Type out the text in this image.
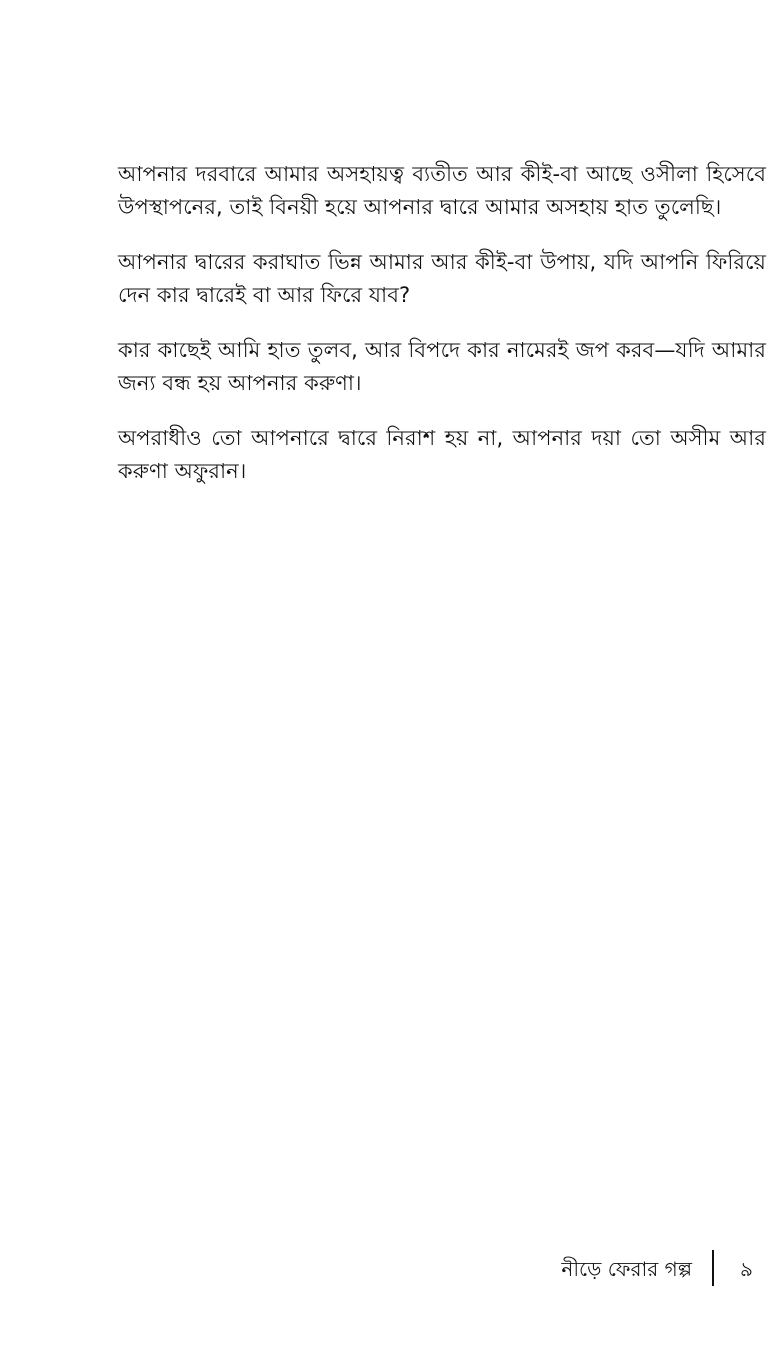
আপনার দরবারে আমার অসহায়ত্ব ব্যতীত আর কীই-বা আছে ওসীলা হিসেবে উপস্থাপনের, তাই বিনয়ী হয়ে আপনার দ্বারে আমার অসহায় হাত তুলেছি।

আপনার দ্বারের করাঘাত ভিন্ন আমার আর কীই-বা উপায়, যদি আপনি ফিরিয়ে দেন কার দ্বারেই বা আর ফিরে যাব?

কার কাছেই আমি হাত তুলব, আর বিপদে কার নামেরই জপ করব—যদি আমার জন্য বন্ধ হয় আপনার করুণা।

অপরাধীও তো আপনারে দ্বারে নিরাশ হয় না, আপনার দয়া তো অসীম আর করুণা অফুরান।

নীড়ে ফেরার গল্প ৯
